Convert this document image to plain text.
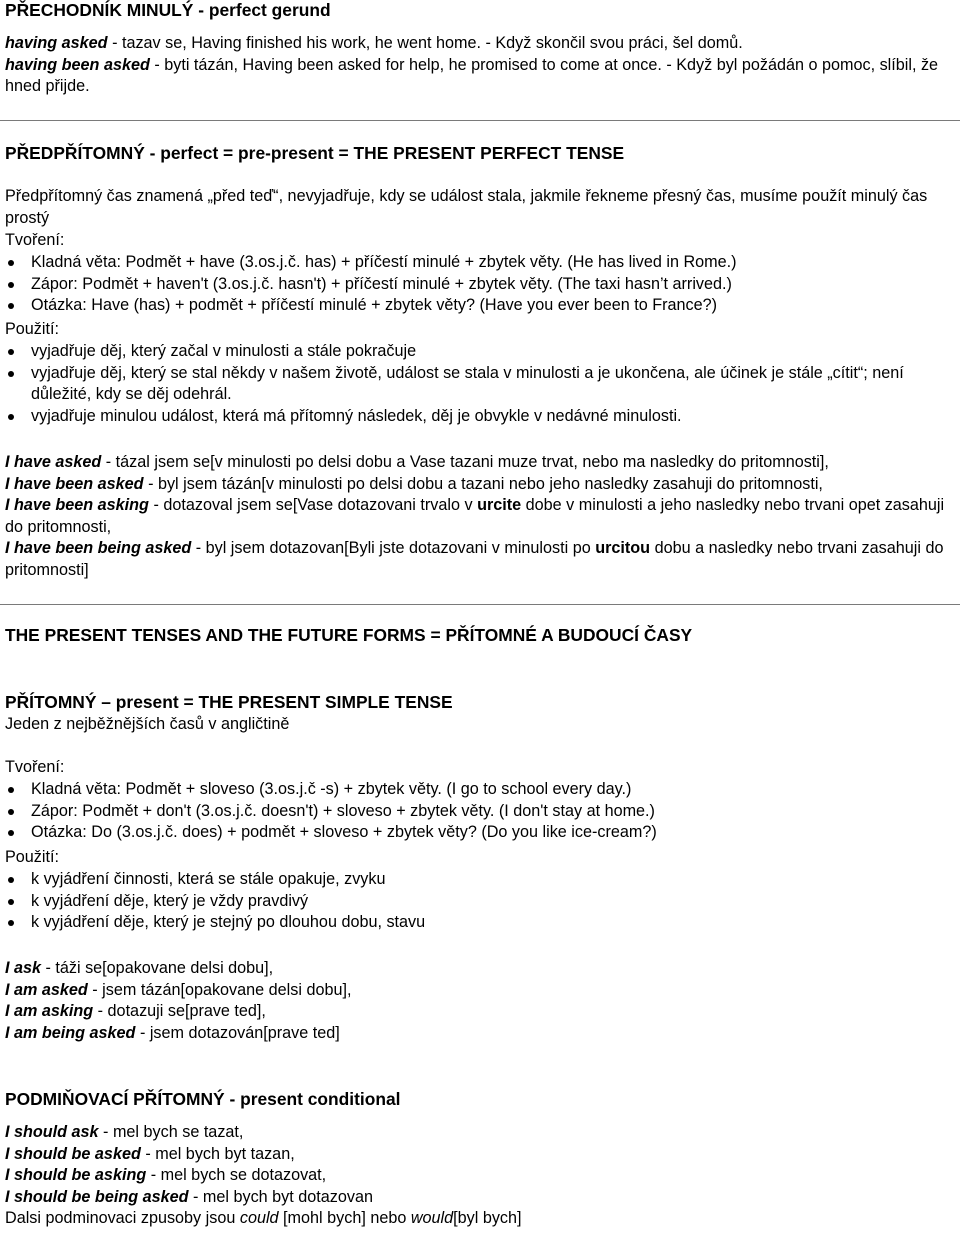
PŘECHODNÍK MINULÝ - perfect gerund
having asked - tazav se, Having finished his work, he went home. - Když skončil svou práci, šel domů.
having been asked - byti tázán, Having been asked for help, he promised to come at once. - Když byl požádán o pomoc, slíbil, že hned přijde.
PŘEDPŘÍTOMNÝ - perfect = pre-present = THE PRESENT PERFECT TENSE
Předpřítomný čas znamená „před teď“, nevyjadřuje, kdy se událost stala, jakmile řekneme přesný čas, musíme použít minulý čas prostý
Tvoření:
Kladná věta: Podmět + have (3.os.j.č. has) + příčestí minulé + zbytek věty. (He has lived in Rome.)
Zápor: Podmět + haven't (3.os.j.č. hasn't) + příčestí minulé + zbytek věty. (The taxi hasn’t arrived.)
Otázka: Have (has) + podmět + příčestí minulé + zbytek věty? (Have you ever been to France?)
Použití:
vyjadřuje děj, který začal v minulosti a stále pokračuje
vyjadřuje děj, který se stal někdy v našem životě, událost se stala v minulosti a je ukončena, ale účinek je stále „cítit“; není důležité, kdy se děj odehrál.
vyjadřuje minulou událost, která má přítomný následek, děj je obvykle v nedávné minulosti.
I have asked - tázal jsem se[v minulosti po delsi dobu a Vase tazani muze trvat, nebo ma nasledky do pritomnosti],
I have been asked - byl jsem tázán[v minulosti po delsi dobu a tazani nebo jeho nasledky zasahuji do pritomnosti,
I have been asking - dotazoval jsem se[Vase dotazovani trvalo v urcite dobe v minulosti a jeho nasledky nebo trvani opet zasahuji do pritomnosti,
I have been being asked - byl jsem dotazovan[Byli jste dotazovani v minulosti po urcitou dobu a nasledky nebo trvani zasahuji do pritomnosti]
THE PRESENT TENSES AND THE FUTURE FORMS = PŘÍTOMNÉ A BUDOUCÍ ČASY
PŘÍTOMNÝ – present = THE PRESENT SIMPLE TENSE
Jeden z nejběžnějších časů v angličtině
Tvoření:
Kladná věta: Podmět + sloveso (3.os.j.č -s) + zbytek věty. (I go to school every day.)
Zápor: Podmět + don't (3.os.j.č. doesn't) + sloveso + zbytek věty. (I don't stay at home.)
Otázka: Do (3.os.j.č. does) + podmět + sloveso + zbytek věty? (Do you like ice-cream?)
Použití:
k vyjádření činnosti, která se stále opakuje, zvyku
k vyjádření děje, který je vždy pravdivý
k vyjádření děje, který je stejný po dlouhou dobu, stavu
I ask - táži se[opakovane delsi dobu],
I am asked - jsem tázán[opakovane delsi dobu],
I am asking - dotazuji se[prave ted],
I am being asked - jsem dotazován[prave ted]
PODMIŇOVACÍ PŘÍTOMNÝ - present conditional
I should ask - mel bych se tazat,
I should be asked - mel bych byt tazan,
I should be asking - mel bych se dotazovat,
I should be being asked - mel bych byt dotazovan
Dalsi podminovaci zpusoby jsou could [mohl bych] nebo would[byl bych]
